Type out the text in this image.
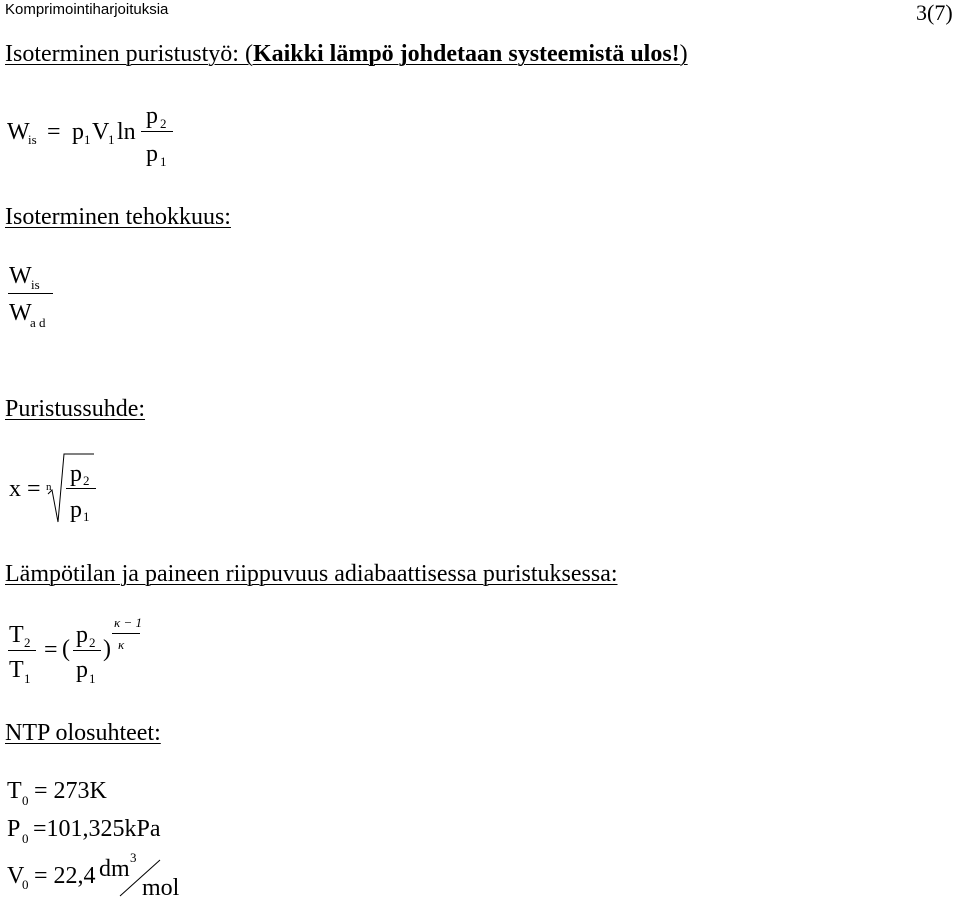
Komprimointiharjoituksia	3(7)
Isoterminen puristustyö: (Kaikki lämpö johdetaan systeemistä ulos!)
W
is = p 1 V
1 ln
p 2
p 1
Isoterminen tehokkuus:
W is
W
a d
Puristussuhde:
x = n p 2
p 1
Lämpötilan ja paineen riippuvuus adiabaattisessa puristuksessa:
T 2
T 1
= (
p 2
p 1
)
κ − 1
κ
NTP olosuhteet:
T 0 = 273K
P 0 =101,325kPa
V
0 = 22,4 dm 3
mol
